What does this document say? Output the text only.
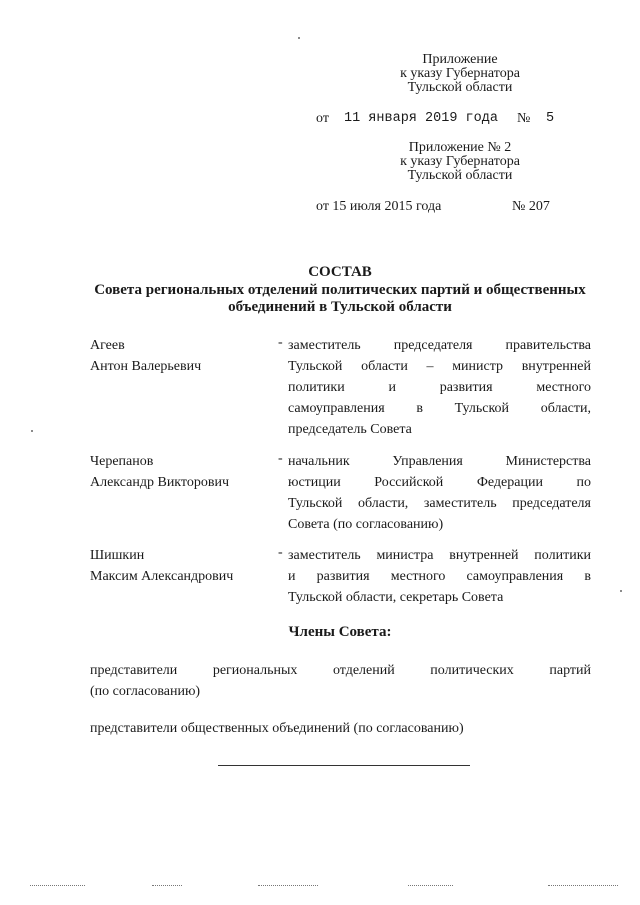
Приложение
к указу Губернатора
Тульской области
от 11 января 2019 года № 5
Приложение № 2
к указу Губернатора
Тульской области
от 15 июля 2015 года	№ 207
СОСТАВ
Совета региональных отделений политических партий и общественных
объединений в Тульской области
Агеев
Антон Валерьевич
- заместитель председателя правительства
Тульской области – министр внутренней
политики и развития местного
самоуправления в Тульской области,
председатель Совета
Черепанов
Александр Викторович
- начальник Управления Министерства
юстиции Российской Федерации по
Тульской области, заместитель председателя
Совета (по согласованию)
Шишкин
Максим Александрович
- заместитель министра внутренней политики
и развития местного самоуправления в
Тульской области, секретарь Совета
Члены Совета:
представители региональных отделений политических партий
(по согласованию)
представители общественных объединений (по согласованию)
